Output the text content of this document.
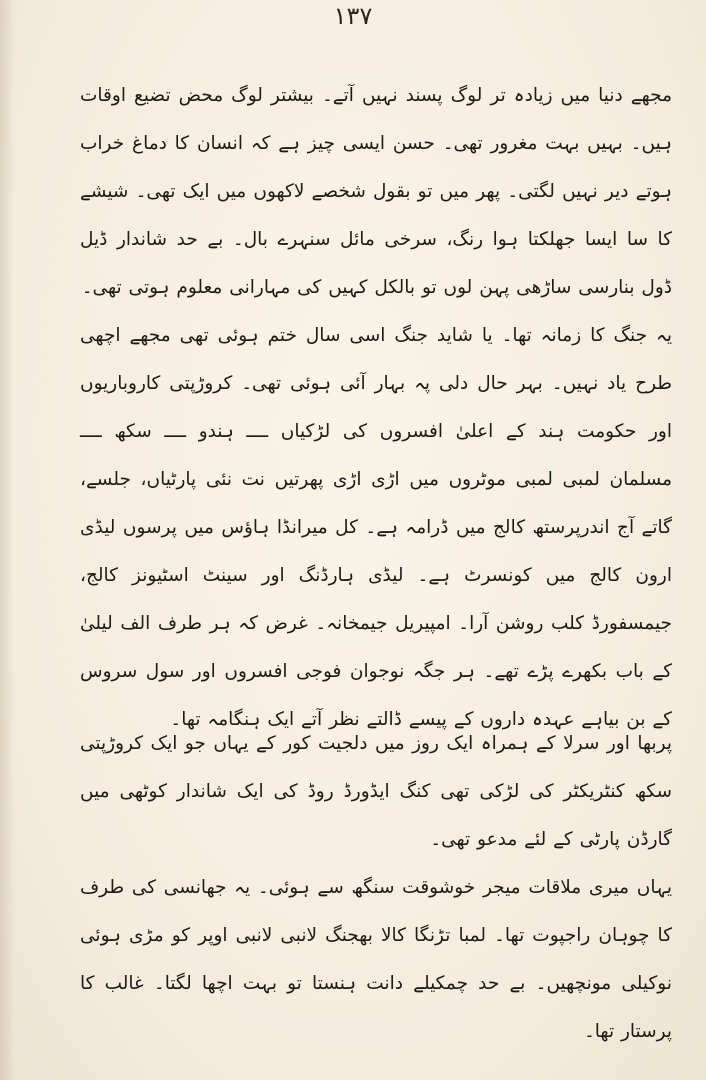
۱۳۷

مجھے دنیا میں زیادہ تر لوگ پسند نہیں آتے۔ بیشتر لوگ محض تضیع اوقات ہیں۔ بہیں بہت مغرور تھی۔ حسن ایسی چیز ہے کہ انسان کا دماغ خراب ہوتے دیر نہیں لگتی۔ پھر میں تو بقول شخصے لاکھوں میں ایک تھی۔ شیشے کا سا ایسا جھلکتا ہوا رنگ، سرخی مائل سنہرے بال۔ بے حد شاندار ڈیل ڈول بنارسی ساڑھی پہن لوں تو بالکل کہیں کی مہارانی معلوم ہوتی تھی۔

یہ جنگ کا زمانہ تھا۔ یا شاید جنگ اسی سال ختم ہوئی تھی مجھے اچھی طرح یاد نہیں۔ بہر حال دلی پہ بہار آئی ہوئی تھی۔ کروڑپتی کاروباریوں اور حکومت ہند کے اعلیٰ افسروں کی لڑکیاں ــــ ہندو ــــ سکھ ــــ مسلمان لمبی لمبی موٹروں میں اڑی اڑی پھرتیں نت نئی پارٹیاں، جلسے، گاتے آج اندرپرستھ کالج میں ڈرامہ ہے۔ کل میرانڈا ہاؤس میں پرسوں لیڈی ارون کالج میں کونسرٹ ہے۔ لیڈی ہارڈنگ اور سینٹ اسٹیونز کالج، جیمسفورڈ کلب روشن آرا۔ امپیریل جیمخانہ۔ غرض کہ ہر طرف الف لیلیٰ کے باب بکھرے پڑے تھے۔ ہر جگہ نوجوان فوجی افسروں اور سول سروس کے بن بیاہے عہدہ داروں کے پیسے ڈالتے نظر آتے ایک ہنگامہ تھا۔

پربھا اور سرلا کے ہمراہ ایک روز میں دلجیت کور کے یہاں جو ایک کروڑپتی سکھ کنٹریکٹر کی لڑکی تھی کنگ ایڈورڈ روڈ کی ایک شاندار کوٹھی میں گارڈن پارٹی کے لئے مدعو تھی۔

یہاں میری ملاقات میجر خوشوقت سنگھ سے ہوئی۔ یہ جھانسی کی طرف کا چوہان راجپوت تھا۔ لمبا تڑنگا کالا بھجنگ لانبی لانبی اوپر کو مڑی ہوئی نوکیلی مونچھیں۔ بے حد چمکیلے دانت ہنستا تو بہت اچھا لگتا۔ غالب کا پرستار تھا۔
